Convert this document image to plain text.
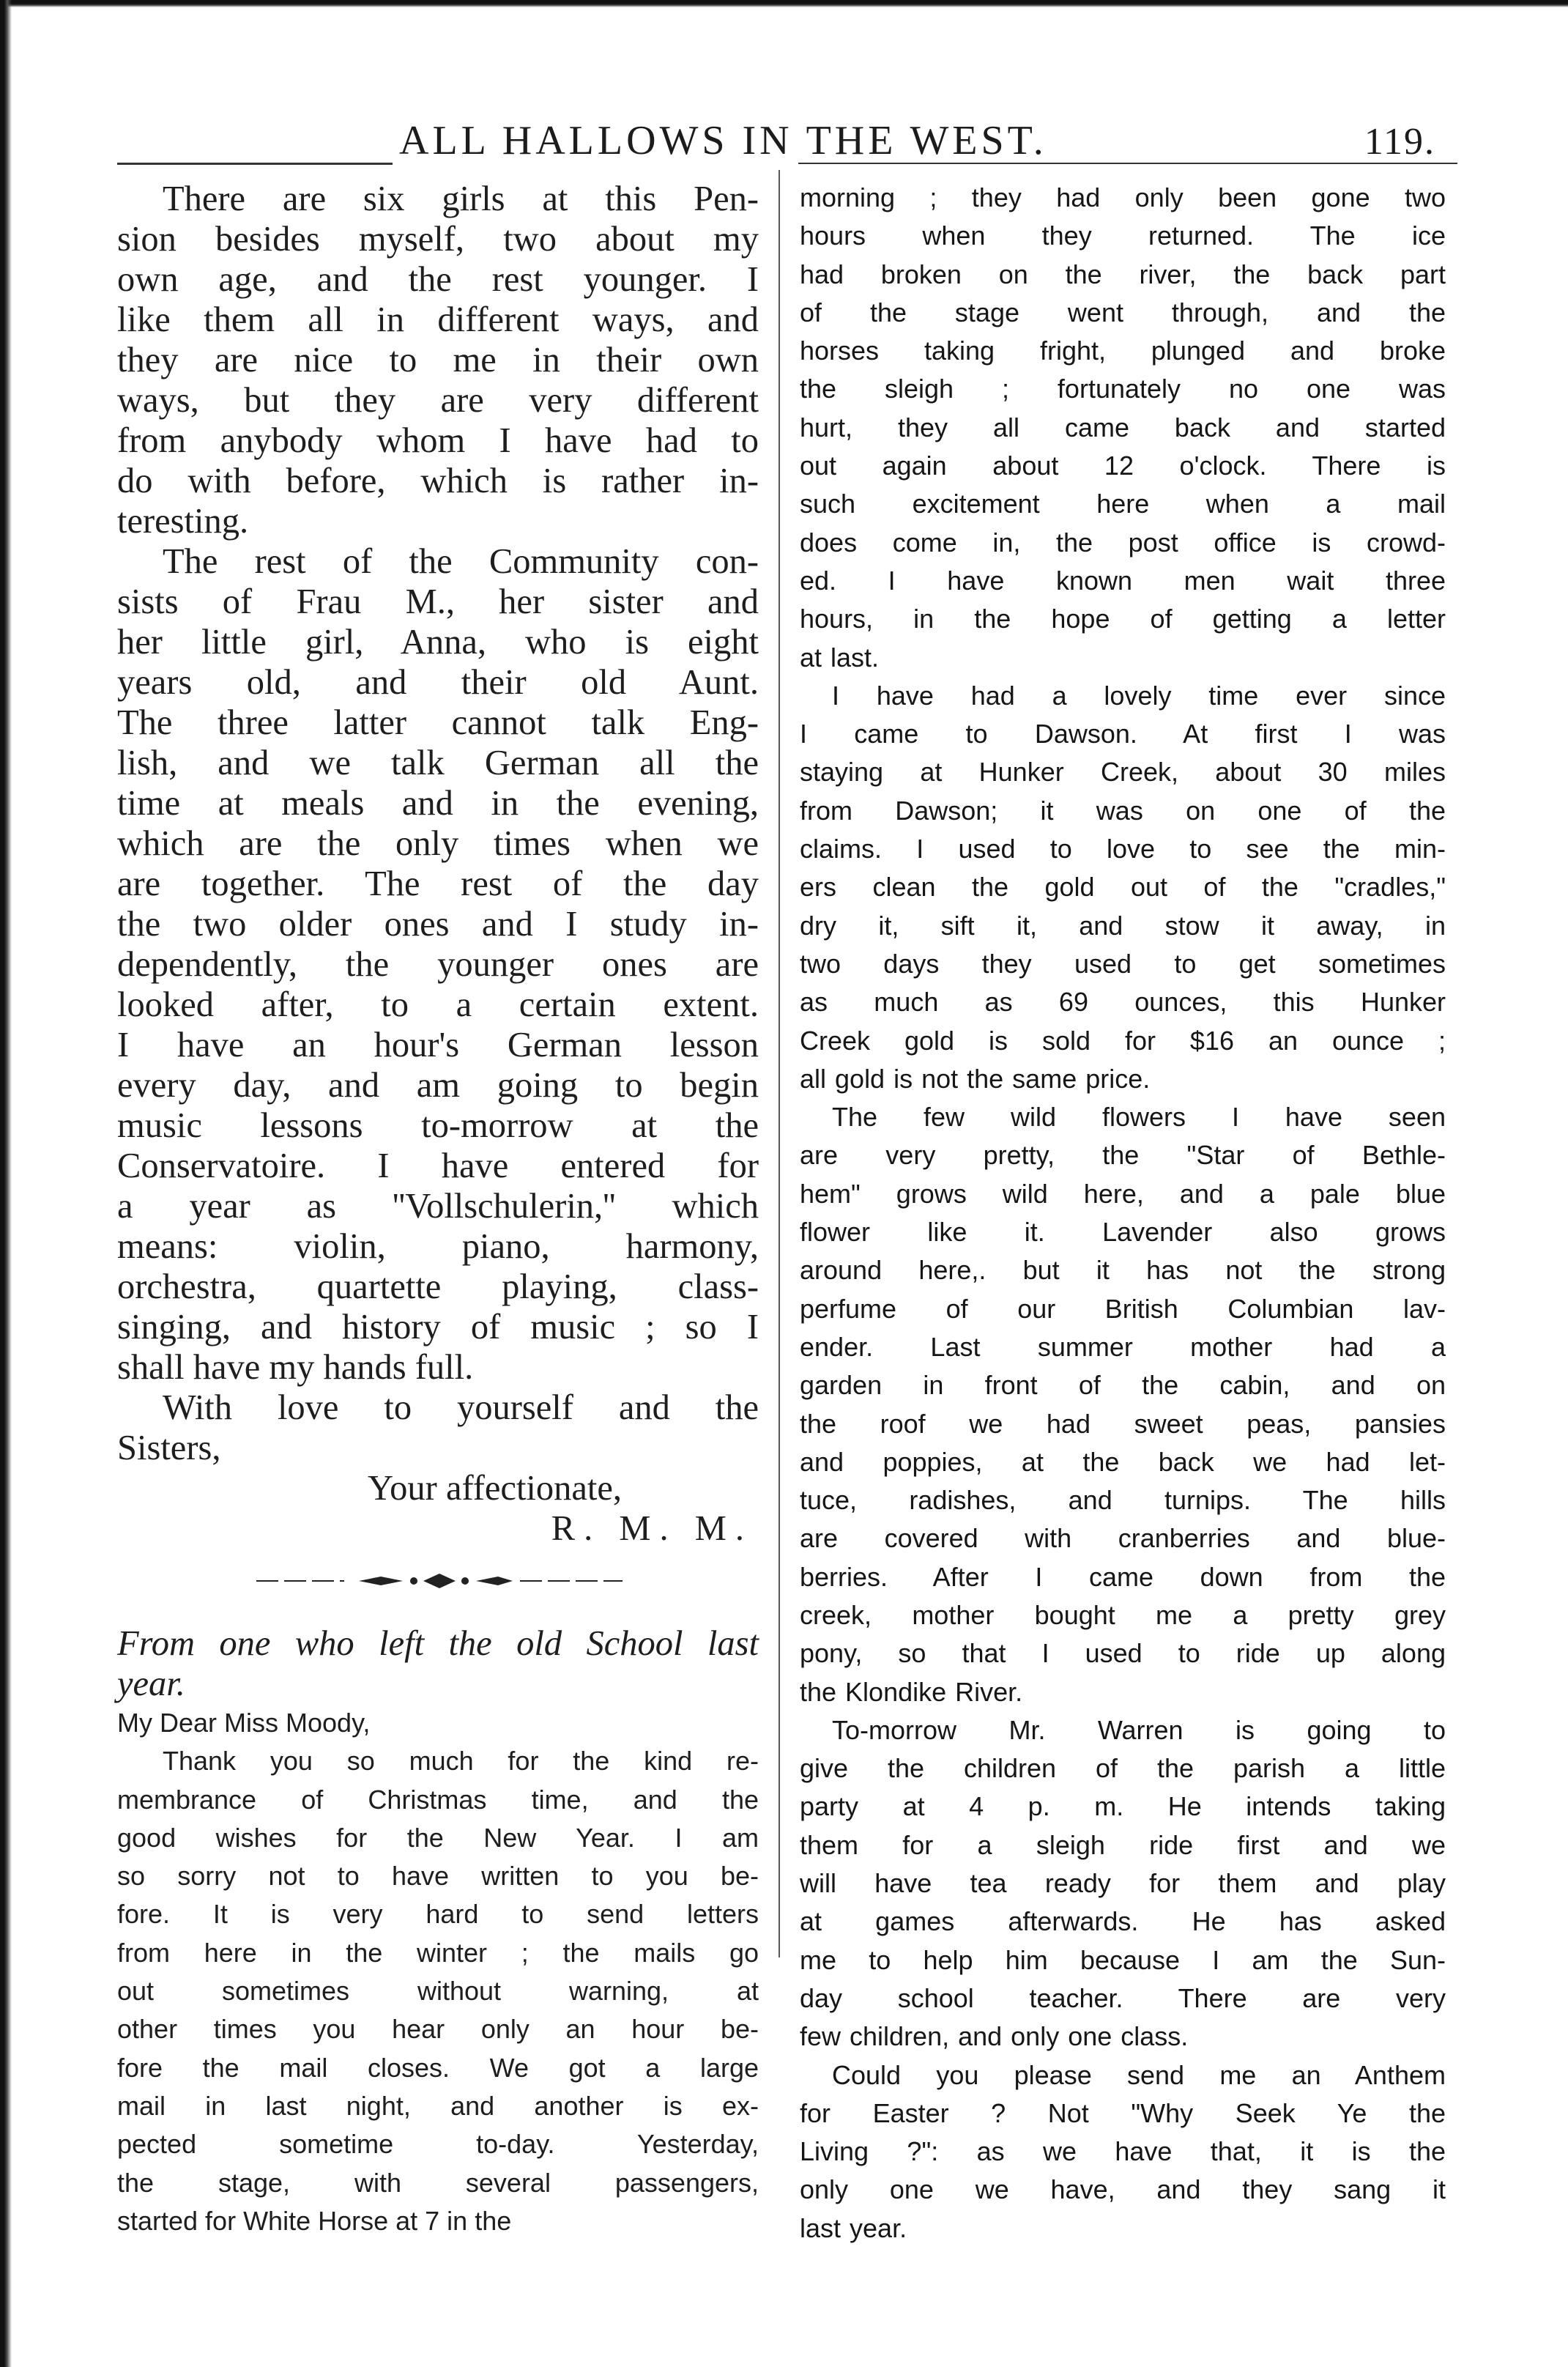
ALL HALLOWS IN THE WEST.	119.

There are six girls at this Pen-
sion besides myself, two about my
own age, and the rest younger. I
like them all in different ways, and
they are nice to me in their own
ways, but they are very different
from anybody whom I have had to
do with before, which is rather in-
teresting.

The rest of the Community con-
sists of Frau M., her sister and
her little girl, Anna, who is eight
years old, and their old Aunt.
The three latter cannot talk Eng-
lish, and we talk German all the
time at meals and in the evening,
which are the only times when we
are together. The rest of the day
the two older ones and I study in-
dependently, the younger ones are
looked after, to a certain extent.
I have an hour's German lesson
every day, and am going to begin
music lessons to-morrow at the
Conservatoire. I have entered for
a year as ''Vollschulerin,'' which
means: violin, piano, harmony,
orchestra, quartette playing, class-
singing, and history of music ; so I
shall have my hands full.

With love to yourself and the
Sisters,

Your affectionate,
R. M. M.

From one who left the old School last
year.

My Dear Miss Moody,

Thank you so much for the kind re-
membrance of Christmas time, and the
good wishes for the New Year. I am
so sorry not to have written to you be-
fore. It is very hard to send letters
from here in the winter ; the mails go
out sometimes without warning, at
other times you hear only an hour be-
fore the mail closes. We got a large
mail in last night, and another is ex-
pected sometime to-day. Yesterday,
the stage, with several passengers,
started for White Horse at 7 in the

morning ; they had only been gone two
hours when they returned. The ice
had broken on the river, the back part
of the stage went through, and the
horses taking fright, plunged and broke
the sleigh ; fortunately no one was
hurt, they all came back and started
out again about 12 o'clock. There is
such excitement here when a mail
does come in, the post office is crowd-
ed. I have known men wait three
hours, in the hope of getting a letter
at last.

I have had a lovely time ever since
I came to Dawson. At first I was
staying at Hunker Creek, about 30 miles
from Dawson; it was on one of the
claims. I used to love to see the min-
ers clean the gold out of the "cradles,"
dry it, sift it, and stow it away, in
two days they used to get sometimes
as much as 69 ounces, this Hunker
Creek gold is sold for $16 an ounce ;
all gold is not the same price.

The few wild flowers I have seen
are very pretty, the "Star of Bethle-
hem" grows wild here, and a pale blue
flower like it. Lavender also grows
around here,. but it has not the strong
perfume of our British Columbian lav-
ender. Last summer mother had a
garden in front of the cabin, and on
the roof we had sweet peas, pansies
and poppies, at the back we had let-
tuce, radishes, and turnips. The hills
are covered with cranberries and blue-
berries. After I came down from the
creek, mother bought me a pretty grey
pony, so that I used to ride up along
the Klondike River.

To-morrow Mr. Warren is going to
give the children of the parish a little
party at 4 p. m. He intends taking
them for a sleigh ride first and we
will have tea ready for them and play
at games afterwards. He has asked
me to help him because I am the Sun-
day school teacher. There are very
few children, and only one class.

Could you please send me an Anthem
for Easter ? Not "Why Seek Ye the
Living ?": as we have that, it is the
only one we have, and they sang it
last year.
